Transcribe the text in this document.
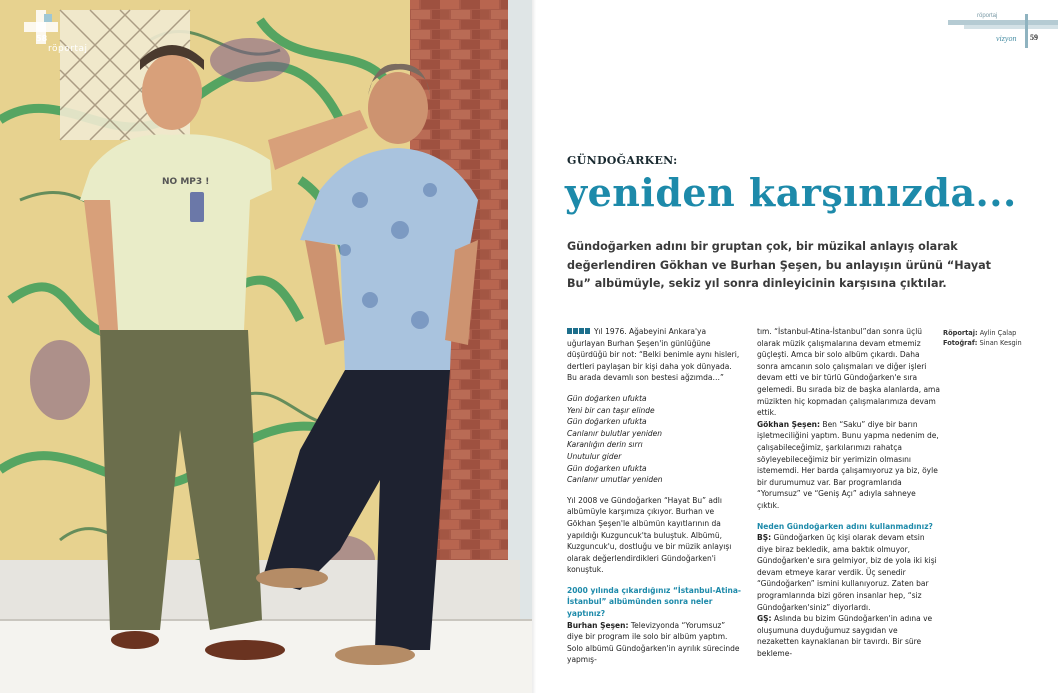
NO MP3 !
58
röportaj
röportaj
vizyon 59
GÜNDOĞARKEN:
yeniden karşınızda...
Gündoğarken adını bir gruptan çok, bir müzikal anlayış olarak değerlendiren Gökhan ve Burhan Şeşen, bu anlayışın ürünü “Hayat Bu” albümüyle, sekiz yıl sonra dinleyicinin karşısına çıktılar.

Yıl 1976. Ağabeyini Ankara'ya uğurlayan Burhan Şeşen'in günlüğüne düşürdüğü bir not: “Belki benimle aynı hisleri, dertleri paylaşan bir kişi daha yok dünyada. Bu arada devamlı son bestesi ağzımda…”

Gün doğarken ufukta
Yeni bir can taşır elinde
Gün doğarken ufukta
Canlanır bulutlar yeniden
Karanlığın derin sırrı
Unutulur gider
Gün doğarken ufukta
Canlanır umutlar yeniden

Yıl 2008 ve Gündoğarken “Hayat Bu” adlı albümüyle karşımıza çıkıyor. Burhan ve Gökhan Şeşen'le albümün kayıtlarının da yapıldığı Kuzguncuk'ta buluştuk. Albümü, Kuzguncuk'u, dostluğu ve bir müzik anlayışı olarak değerlendirdikleri Gündoğarken'i konuştuk.

2000 yılında çıkardığınız “İstanbul-Atina-İstanbul” albümünden sonra neler yaptınız?

Burhan Şeşen: Televizyonda “Yorumsuz” diye bir program ile solo bir albüm yaptım. Solo albümü Gündoğarken'in ayrılık sürecinde yapmış-

tım. “İstanbul-Atina-İstanbul”dan sonra üçlü olarak müzik çalışmalarına devam etmemiz güçleşti. Amca bir solo albüm çıkardı. Daha sonra amcanın solo çalışmaları ve diğer işleri devam etti ve bir türlü Gündoğarken'e sıra gelemedi. Bu sırada biz de başka alanlarda, ama müzikten hiç kopmadan çalışmalarımıza devam ettik.

Gökhan Şeşen: Ben “Saku” diye bir barın işletmeciliğini yaptım. Bunu yapma nedenim de, çalışabileceğimiz, şarkılarımızı rahatça söyleyebileceğimiz bir yerimizin olmasını istememdi. Her barda çalışamıyoruz ya biz, öyle bir durumumuz var. Bar programlarıda “Yorumsuz” ve “Geniş Açı” adıyla sahneye çıktık.

Neden Gündoğarken adını kullanmadınız?

BŞ: Gündoğarken üç kişi olarak devam etsin diye biraz bekledik, ama baktık olmuyor, Gündoğarken'e sıra gelmiyor, biz de yola iki kişi devam etmeye karar verdik. Üç senedir “Gündoğarken” ismini kullanıyoruz. Zaten bar programlarında bizi gören insanlar hep, “siz Gündoğarken'siniz” diyorlardı.

GŞ: Aslında bu bizim Gündoğarken'in adına ve oluşumuna duyduğumuz saygıdan ve nezaketten kaynaklanan bir tavırdı. Bir süre bekleme-

Röportaj: Aylin Çalap
Fotoğraf: Sinan Kesgin
